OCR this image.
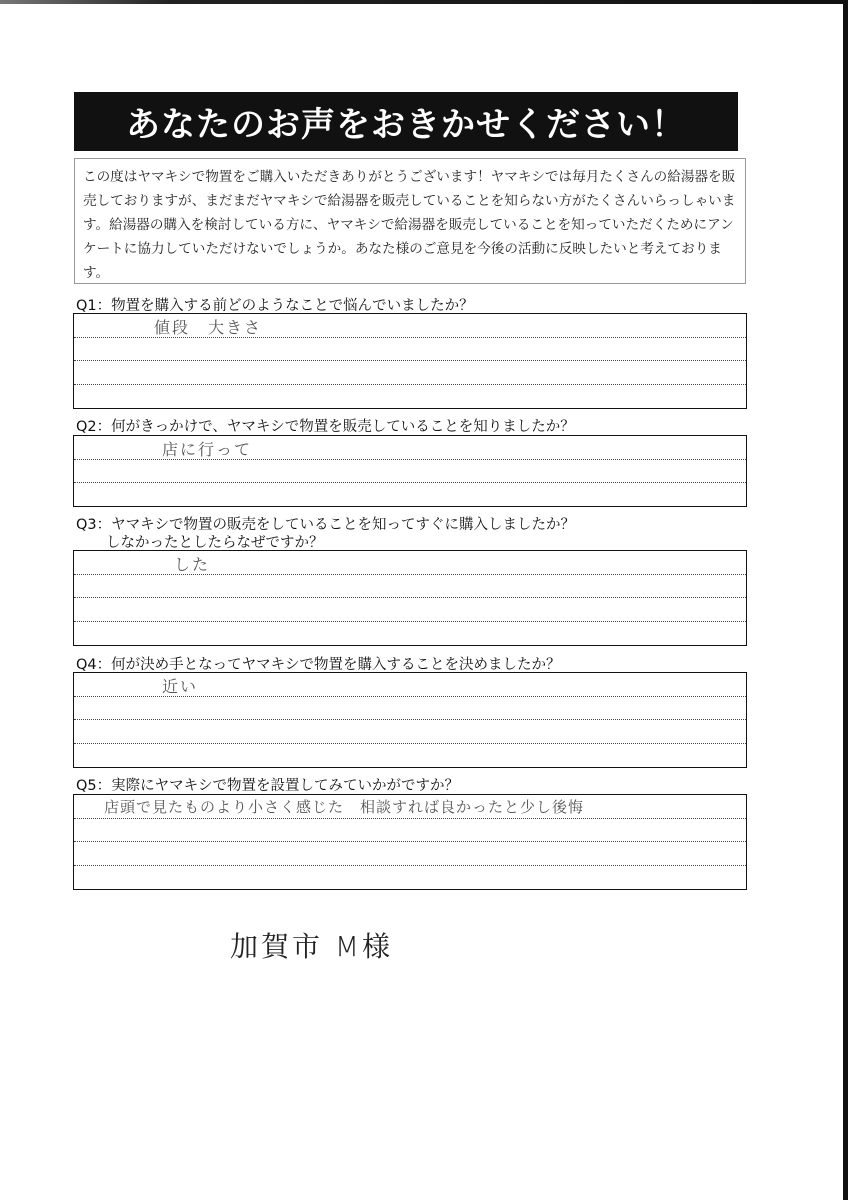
あなたのお声をおきかせください！
この度はヤマキシで物置をご購入いただきありがとうございます！ヤマキシでは毎月たくさんの給湯器を販売しておりますが、まだまだヤマキシで給湯器を販売していることを知らない方がたくさんいらっしゃいます。給湯器の購入を検討している方に、ヤマキシで給湯器を販売していることを知っていただくためにアンケートに協力していただけないでしょうか。あなた様のご意見を今後の活動に反映したいと考えております。
Q1：物置を購入する前どのようなことで悩んでいましたか？
値段　大きさ
Q2：何がきっかけで、ヤマキシで物置を販売していることを知りましたか？
店に行って
Q3：ヤマキシで物置の販売をしていることを知ってすぐに購入しましたか？
しなかったとしたらなぜですか？
した
Q4：何が決め手となってヤマキシで物置を購入することを決めましたか？
近い
Q5：実際にヤマキシで物置を設置してみていかがですか？
店頭で見たものより小さく感じた　相談すれば良かったと少し後悔
加賀市 M様
